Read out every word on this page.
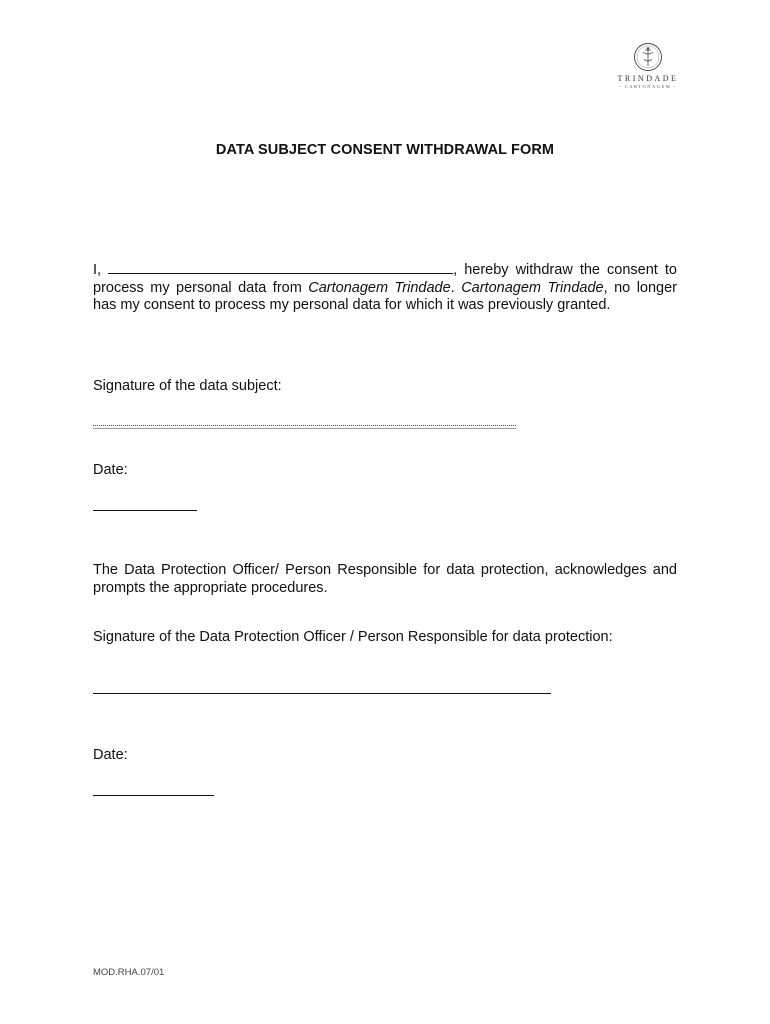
TRINDADE
- CARTONAGEM -
DATA SUBJECT CONSENT WITHDRAWAL FORM
I,	, hereby withdraw the consent to process my personal data from Cartonagem Trindade. Cartonagem Trindade, no longer has my consent to process my personal data for which it was previously granted.
Signature of the data subject:
Date:
The Data Protection Officer/ Person Responsible for data protection, acknowledges and prompts the appropriate procedures.
Signature of the Data Protection Officer / Person Responsible for data protection:
Date:
MOD.RHA.07/01
